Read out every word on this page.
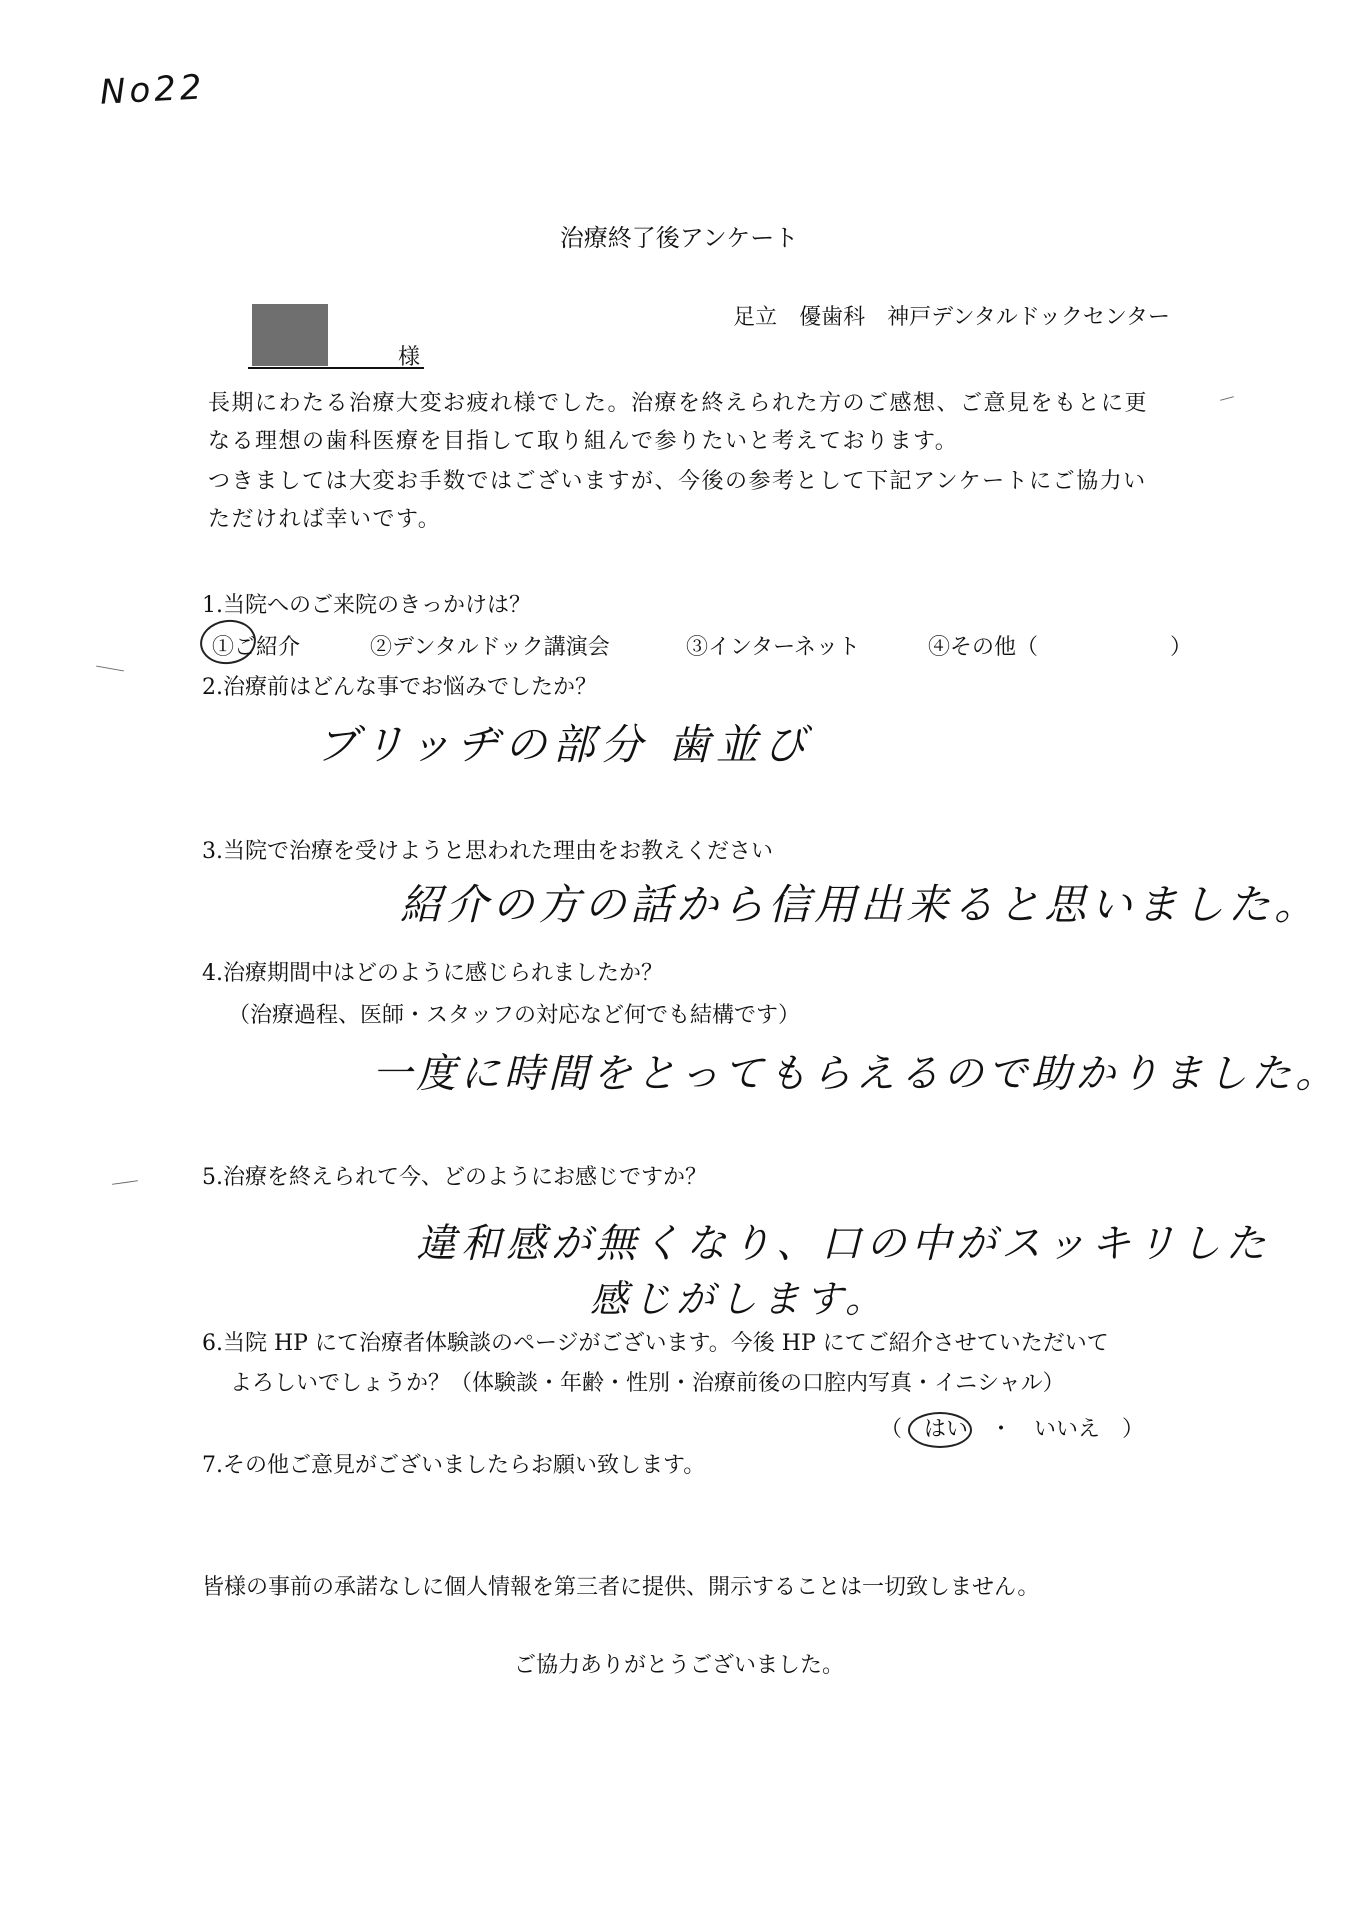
No22
治療終了後アンケート
足立　優歯科　神戸デンタルドックセンター
様
長期にわたる治療大変お疲れ様でした。治療を終えられた方のご感想、ご意見をもとに更
なる理想の歯科医療を目指して取り組んで参りたいと考えております。
つきましては大変お手数ではございますが、今後の参考として下記アンケートにご協力い
ただければ幸いです。
1.当院へのご来院のきっかけは？
①ご紹介	②デンタルドック講演会	③インターネット	④その他（　　　　　　）
2.治療前はどんな事でお悩みでしたか？
ブリッヂの部分 歯並び
3.当院で治療を受けようと思われた理由をお教えください
紹介の方の話から信用出来ると思いました。
4.治療期間中はどのように感じられましたか？
（治療過程、医師・スタッフの対応など何でも結構です）
一度に時間をとってもらえるので助かりました。
5.治療を終えられて今、どのようにお感じですか？
違和感が無くなり、口の中がスッキリした
感じがします。
6.当院 HP にて治療者体験談のページがございます。今後 HP にてご紹介させていただいて
よろしいでしょうか？（体験談・年齢・性別・治療前後の口腔内写真・イニシャル）
（　はい　・　いいえ　）
7.その他ご意見がございましたらお願い致します。
皆様の事前の承諾なしに個人情報を第三者に提供、開示することは一切致しません。
ご協力ありがとうございました。
